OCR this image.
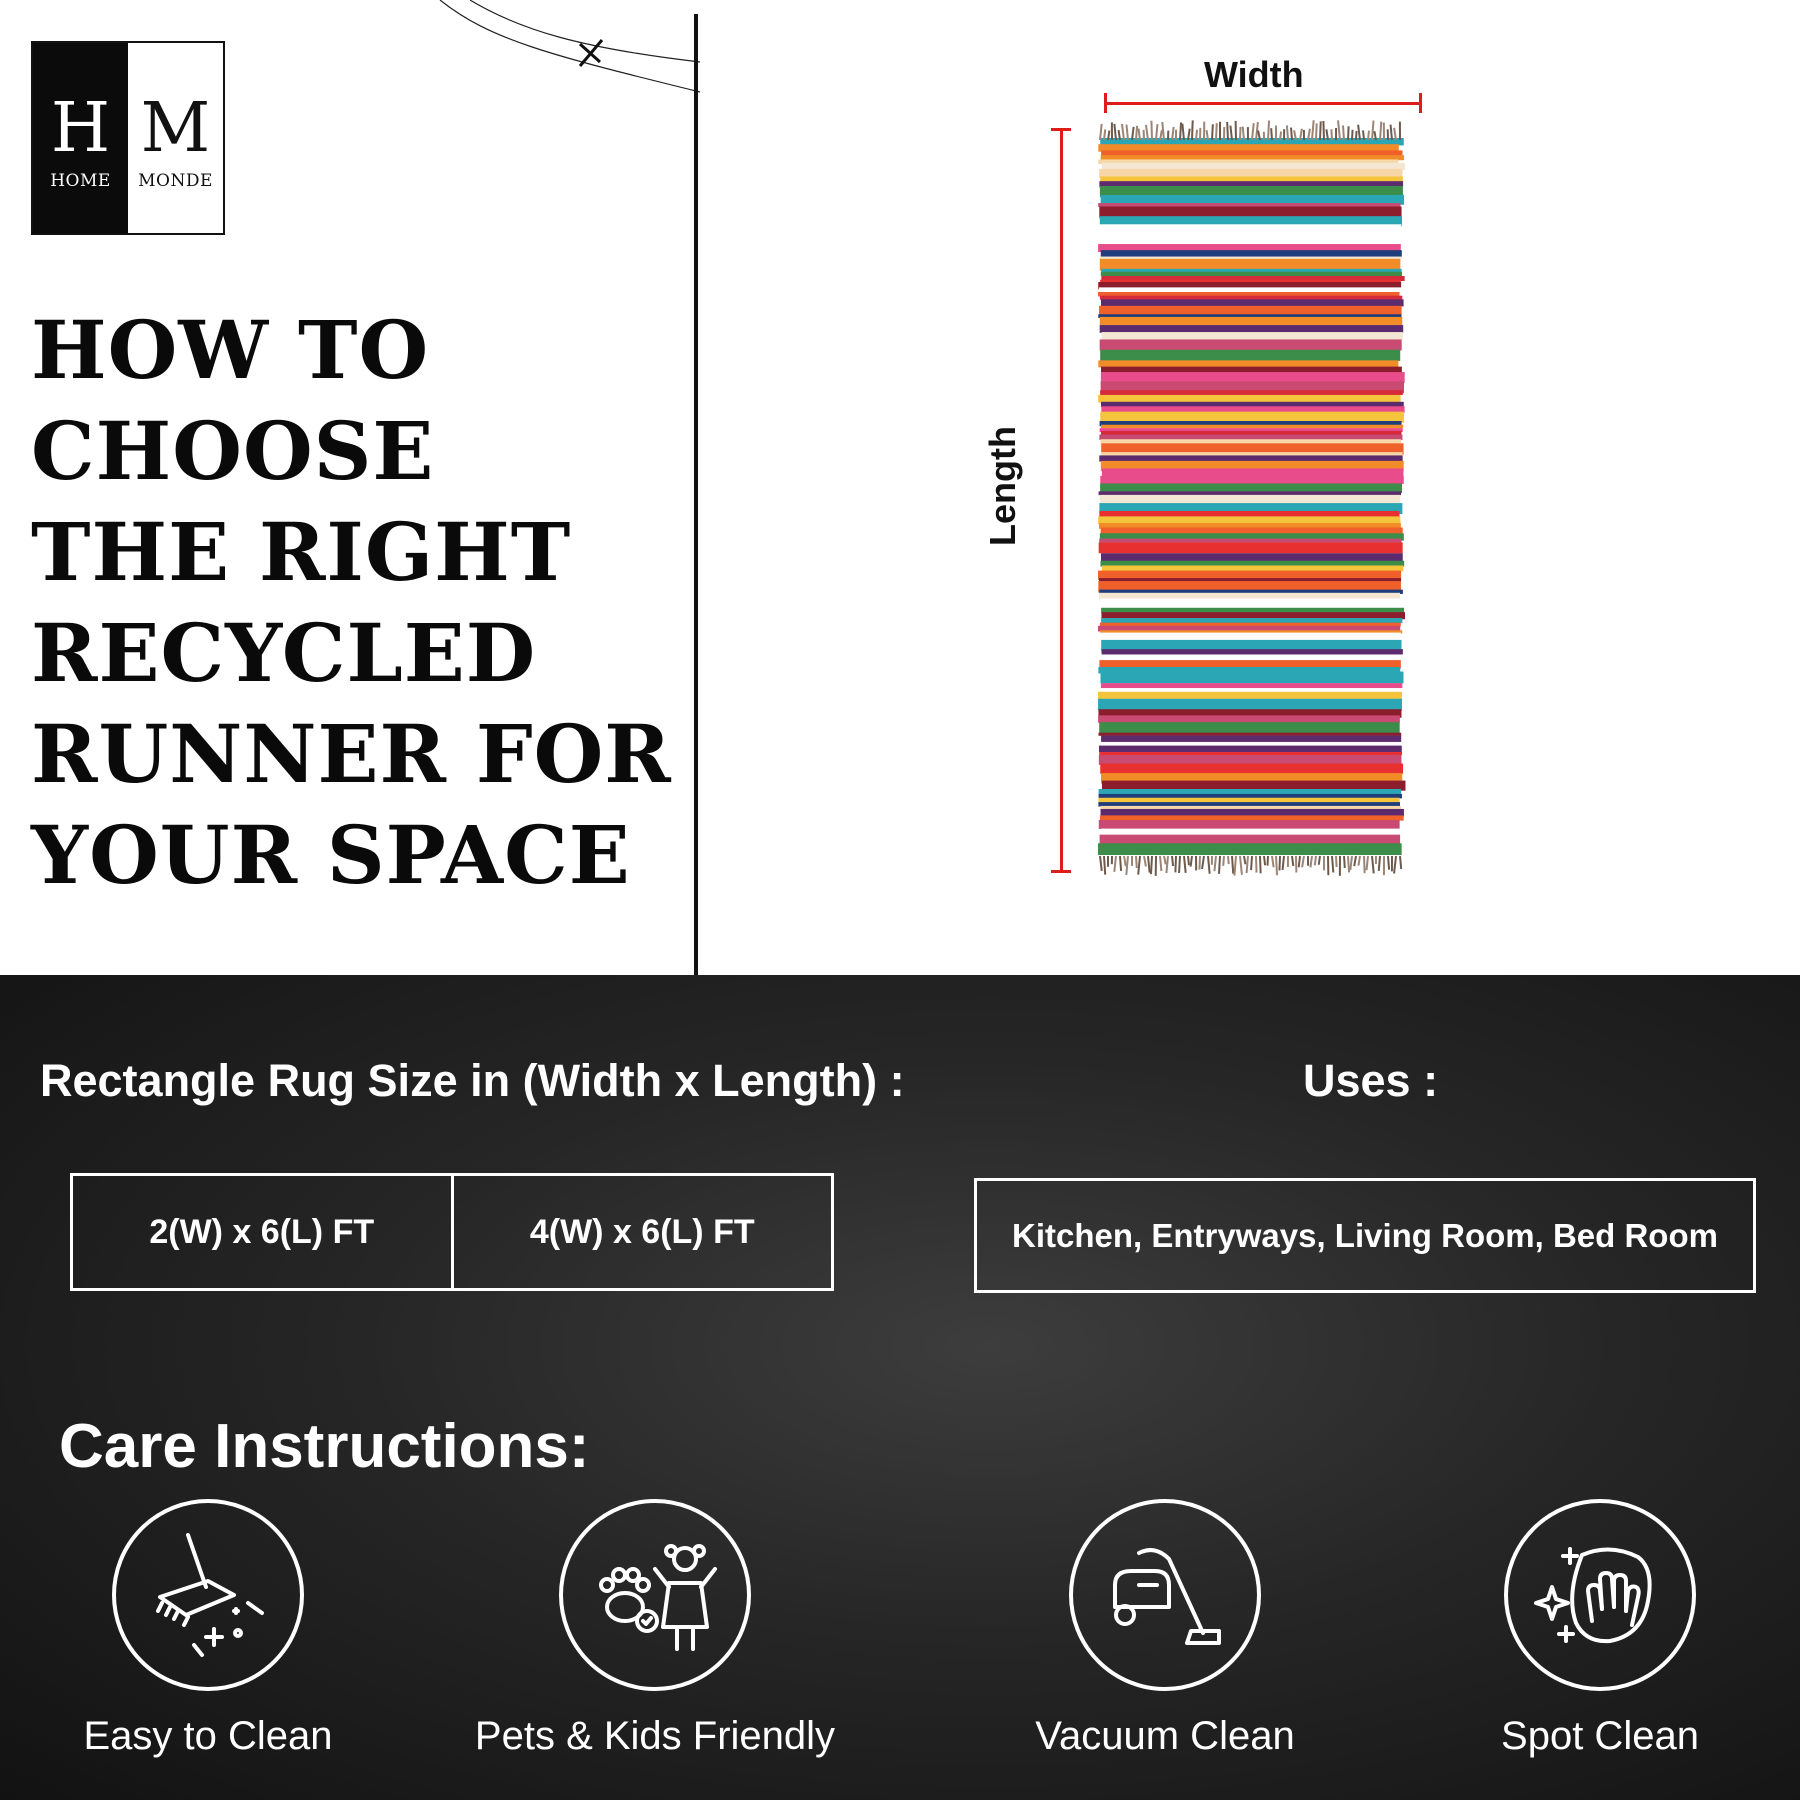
H
HOME
M
MONDE
HOW TO
CHOOSE
THE RIGHT
RECYCLED
RUNNER FOR
YOUR SPACE
Width
Length
Rectangle Rug Size in (Width x Length) :	Uses :
2(W) x 6(L) FT	4(W) x 6(L) FT	Kitchen, Entryways, Living Room, Bed Room
Care Instructions:
Easy to Clean	Pets & Kids Friendly	Vacuum Clean	Spot Clean
